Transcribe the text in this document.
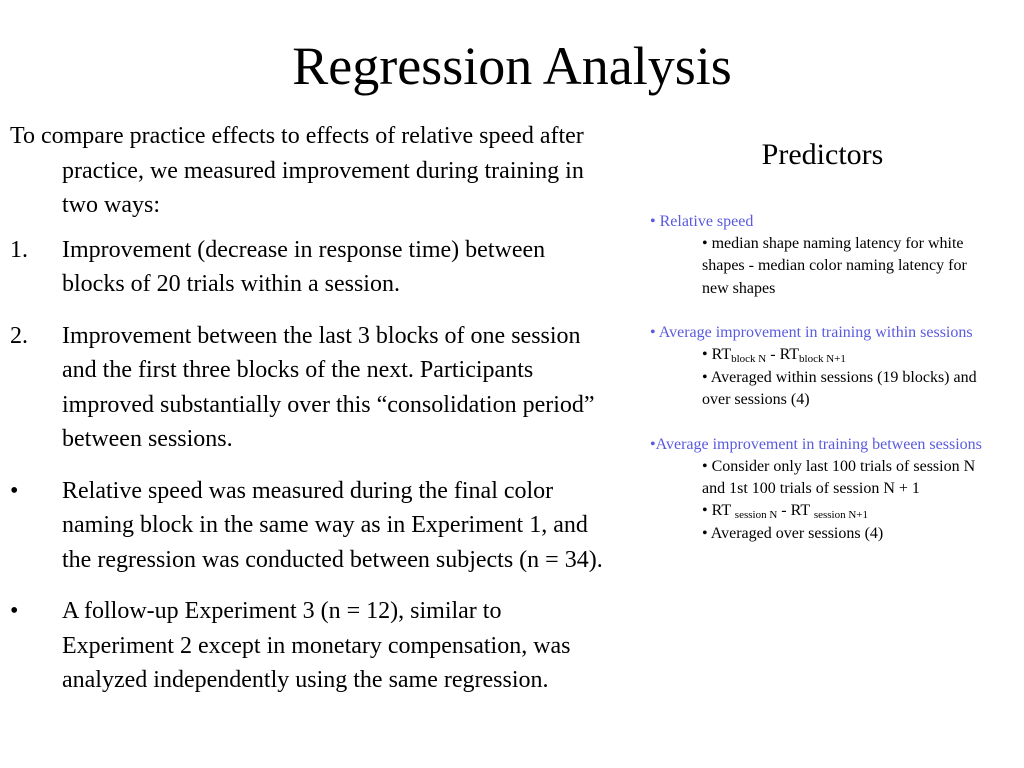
Regression Analysis

To compare practice effects to effects of relative speed after practice, we measured improvement during training in two ways:

1. Improvement (decrease in response time) between blocks of 20 trials within a session.
2. Improvement between the last 3 blocks of one session and the first three blocks of the next. Participants improved substantially over this “consolidation period” between sessions.
• Relative speed was measured during the final color naming block in the same way as in Experiment 1, and the regression was conducted between subjects (n = 34).
• A follow-up Experiment 3 (n = 12), similar to Experiment 2 except in monetary compensation, was analyzed independently using the same regression.
Predictors

• Relative speed

• median shape naming latency for white shapes - median color naming latency for new shapes

• Average improvement in training within sessions

• $RT_{block N} - RT_{block N+1}$

• Averaged within sessions (19 blocks) and over sessions (4)

•Average improvement in training between sessions

• Consider only last 100 trials of session N and 1st 100 trials of session N + 1

• RT $_{session N}$ - RT $_{session N+1}$

• Averaged over sessions (4)
